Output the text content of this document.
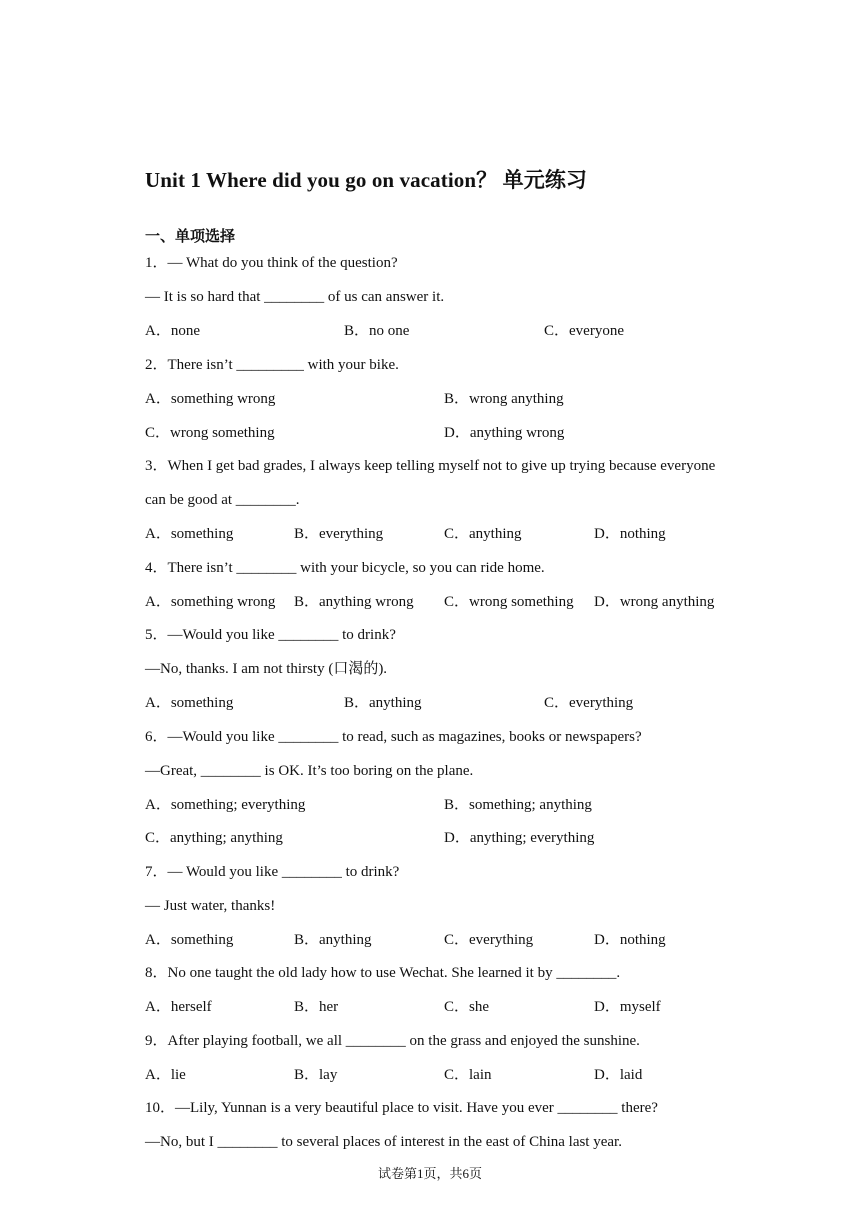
Unit 1 Where did you go on vacation？ 单元练习
一、单项选择
1．— What do you think of the question?
— It is so hard that ________ of us can answer it.
A．none	B．no one	C．everyone
2．There isn’t _________ with your bike.
A．something wrong	B．wrong anything
C．wrong something	D．anything wrong
3．When I get bad grades, I always keep telling myself not to give up trying because everyone
can be good at ________.
A．something	B．everything	C．anything	D．nothing
4．There isn’t ________ with your bicycle, so you can ride home.
A．something wrong B．anything wrong C．wrong something D．wrong anything
5．—Would you like ________ to drink?
—No, thanks. I am not thirsty (口渴的).
A．something	B．anything	C．everything
6．—Would you like ________ to read, such as magazines, books or newspapers?
—Great, ________ is OK. It’s too boring on the plane.
A．something; everything	B．something; anything
C．anything; anything	D．anything; everything
7．— Would you like ________ to drink?
— Just water, thanks!
A．something	B．anything	C．everything	D．nothing
8．No one taught the old lady how to use Wechat. She learned it by ________.
A．herself	B．her	C．she	D．myself
9．After playing football, we all ________ on the grass and enjoyed the sunshine.
A．lie	B．lay	C．lain	D．laid
10．—Lily, Yunnan is a very beautiful place to visit. Have you ever ________ there?
—No, but I ________ to several places of interest in the east of China last year.
试卷第1页，共6页
